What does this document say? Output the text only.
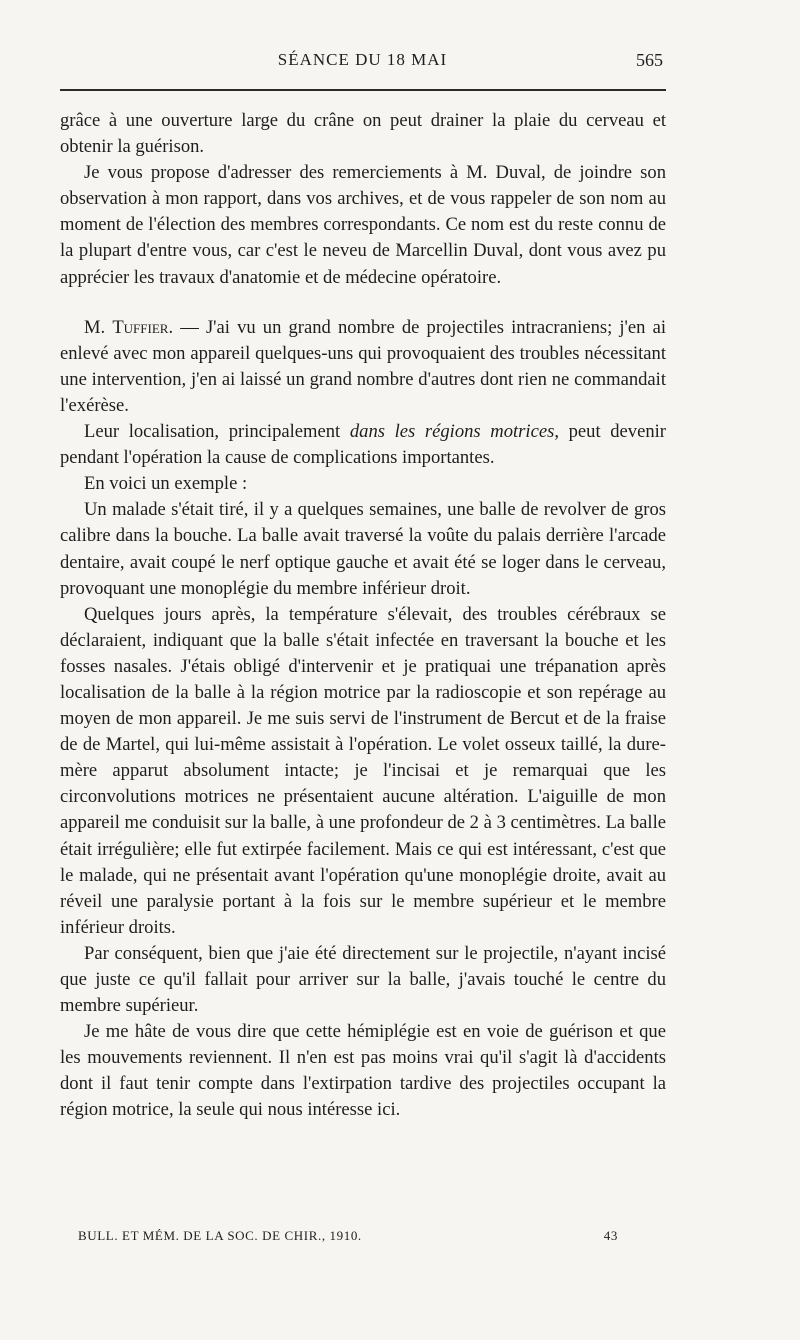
SÉANCE DU 18 MAI	565

grâce à une ouverture large du crâne on peut drainer la plaie du cerveau et obtenir la guérison.

Je vous propose d'adresser des remerciements à M. Duval, de joindre son observation à mon rapport, dans vos archives, et de vous rappeler de son nom au moment de l'élection des membres correspondants. Ce nom est du reste connu de la plupart d'entre vous, car c'est le neveu de Marcellin Duval, dont vous avez pu apprécier les travaux d'anatomie et de médecine opératoire.

M. Tuffier. — J'ai vu un grand nombre de projectiles intracraniens; j'en ai enlevé avec mon appareil quelques-uns qui provoquaient des troubles nécessitant une intervention, j'en ai laissé un grand nombre d'autres dont rien ne commandait l'exérèse.

Leur localisation, principalement dans les régions motrices, peut devenir pendant l'opération la cause de complications importantes.

En voici un exemple :

Un malade s'était tiré, il y a quelques semaines, une balle de revolver de gros calibre dans la bouche. La balle avait traversé la voûte du palais derrière l'arcade dentaire, avait coupé le nerf optique gauche et avait été se loger dans le cerveau, provoquant une monoplégie du membre inférieur droit.

Quelques jours après, la température s'élevait, des troubles cérébraux se déclaraient, indiquant que la balle s'était infectée en traversant la bouche et les fosses nasales. J'étais obligé d'intervenir et je pratiquai une trépanation après localisation de la balle à la région motrice par la radioscopie et son repérage au moyen de mon appareil. Je me suis servi de l'instrument de Bercut et de la fraise de de Martel, qui lui-même assistait à l'opération. Le volet osseux taillé, la dure-mère apparut absolument intacte; je l'incisai et je remarquai que les circonvolutions motrices ne présentaient aucune altération. L'aiguille de mon appareil me conduisit sur la balle, à une profondeur de 2 à 3 centimètres. La balle était irrégulière; elle fut extirpée facilement. Mais ce qui est intéressant, c'est que le malade, qui ne présentait avant l'opération qu'une monoplégie droite, avait au réveil une paralysie portant à la fois sur le membre supérieur et le membre inférieur droits.

Par conséquent, bien que j'aie été directement sur le projectile, n'ayant incisé que juste ce qu'il fallait pour arriver sur la balle, j'avais touché le centre du membre supérieur.

Je me hâte de vous dire que cette hémiplégie est en voie de guérison et que les mouvements reviennent. Il n'en est pas moins vrai qu'il s'agit là d'accidents dont il faut tenir compte dans l'extirpation tardive des projectiles occupant la région motrice, la seule qui nous intéresse ici.

BULL. ET MÉM. DE LA SOC. DE CHIR., 1910.	43
